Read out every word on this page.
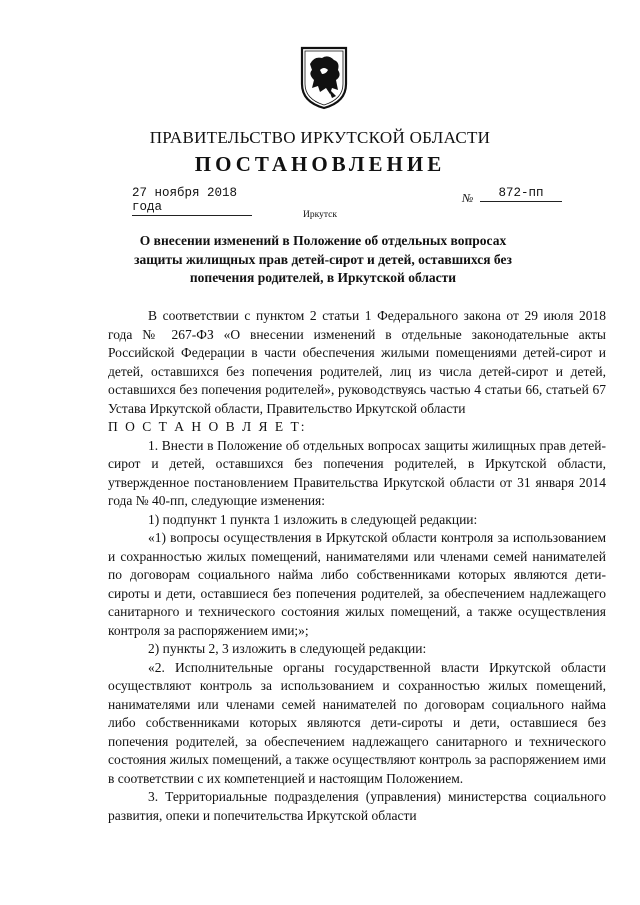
ПРАВИТЕЛЬСТВО ИРКУТСКОЙ ОБЛАСТИ
ПОСТАНОВЛЕНИЕ
27 ноября 2018 года
№	872-пп
Иркутск
О внесении изменений в Положение об отдельных вопросах защиты жилищных прав детей-сирот и детей, оставшихся без попечения родителей, в Иркутской области

В соответствии с пунктом 2 статьи 1 Федерального закона от 29 июля 2018 года № 267-ФЗ «О внесении изменений в отдельные законодательные акты Российской Федерации в части обеспечения жилыми помещениями детей-сирот и детей, оставшихся без попечения родителей, лиц из числа детей-сирот и детей, оставшихся без попечения родителей», руководствуясь частью 4 статьи 66, статьей 67 Устава Иркутской области, Правительство Иркутской области

П О С Т А Н О В Л Я Е Т:

1. Внести в Положение об отдельных вопросах защиты жилищных прав детей-сирот и детей, оставшихся без попечения родителей, в Иркутской области, утвержденное постановлением Правительства Иркутской области от 31 января 2014 года № 40-пп, следующие изменения:

1) подпункт 1 пункта 1 изложить в следующей редакции:

«1) вопросы осуществления в Иркутской области контроля за использованием и сохранностью жилых помещений, нанимателями или членами семей нанимателей по договорам социального найма либо собственниками которых являются дети-сироты и дети, оставшиеся без попечения родителей, за обеспечением надлежащего санитарного и технического состояния жилых помещений, а также осуществления контроля за распоряжением ими;»;

2) пункты 2, 3 изложить в следующей редакции:

«2. Исполнительные органы государственной власти Иркутской области осуществляют контроль за использованием и сохранностью жилых помещений, нанимателями или членами семей нанимателей по договорам социального найма либо собственниками которых являются дети-сироты и дети, оставшиеся без попечения родителей, за обеспечением надлежащего санитарного и технического состояния жилых помещений, а также осуществляют контроль за распоряжением ими в соответствии с их компетенцией и настоящим Положением.

3. Территориальные подразделения (управления) министерства социального развития, опеки и попечительства Иркутской области
